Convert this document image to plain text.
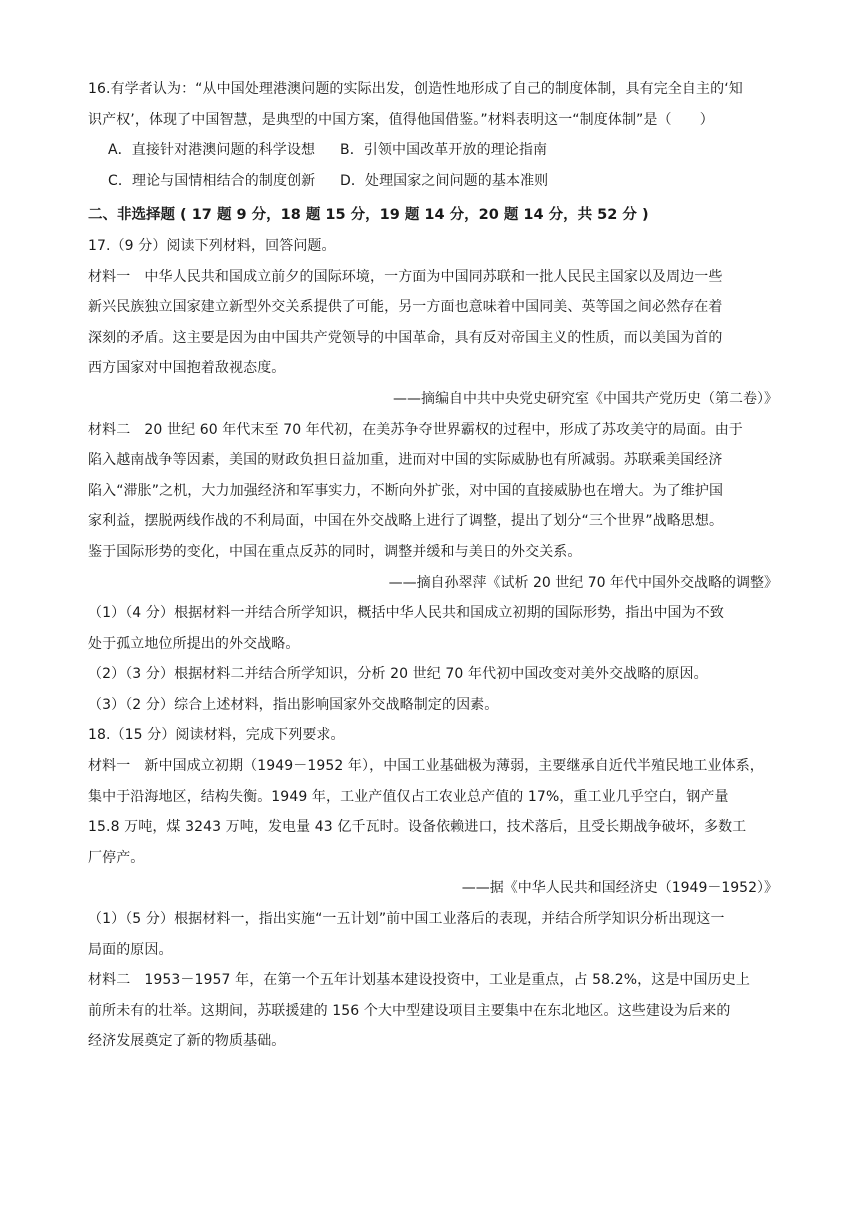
16.有学者认为：“从中国处理港澳问题的实际出发，创造性地形成了自己的制度体制，具有完全自主的‘知

识产权’，体现了中国智慧，是典型的中国方案，值得他国借鉴。”材料表明这一“制度体制”是（　　）

A．直接针对港澳问题的科学设想	B．引领中国改革开放的理论指南

C．理论与国情相结合的制度创新	D．处理国家之间问题的基本准则

二、非选择题 ( 17 题 9 分，18 题 15 分，19 题 14 分，20 题 14 分，共 52 分 )

17.（9 分）阅读下列材料，回答问题。

材料一　中华人民共和国成立前夕的国际环境，一方面为中国同苏联和一批人民民主国家以及周边一些

新兴民族独立国家建立新型外交关系提供了可能，另一方面也意味着中国同美、英等国之间必然存在着

深刻的矛盾。这主要是因为由中国共产党领导的中国革命，具有反对帝国主义的性质，而以美国为首的

西方国家对中国抱着敌视态度。

——摘编自中共中央党史研究室《中国共产党历史（第二卷）》

材料二　20 世纪 60 年代末至 70 年代初，在美苏争夺世界霸权的过程中，形成了苏攻美守的局面。由于

陷入越南战争等因素，美国的财政负担日益加重，进而对中国的实际威胁也有所减弱。苏联乘美国经济

陷入“滞胀”之机，大力加强经济和军事实力，不断向外扩张，对中国的直接威胁也在增大。为了维护国

家利益，摆脱两线作战的不利局面，中国在外交战略上进行了调整，提出了划分“三个世界”战略思想。

鉴于国际形势的变化，中国在重点反苏的同时，调整并缓和与美日的外交关系。

——摘自孙翠萍《试析 20 世纪 70 年代中国外交战略的调整》

（1）（4 分）根据材料一并结合所学知识，概括中华人民共和国成立初期的国际形势，指出中国为不致

处于孤立地位所提出的外交战略。

（2）（3 分）根据材料二并结合所学知识，分析 20 世纪 70 年代初中国改变对美外交战略的原因。

（3）（2 分）综合上述材料，指出影响国家外交战略制定的因素。

18.（15 分）阅读材料，完成下列要求。

材料一　新中国成立初期（1949－1952 年），中国工业基础极为薄弱，主要继承自近代半殖民地工业体系，

集中于沿海地区，结构失衡。1949 年，工业产值仅占工农业总产值的 17%，重工业几乎空白，钢产量

15.8 万吨，煤 3243 万吨，发电量 43 亿千瓦时。设备依赖进口，技术落后，且受长期战争破坏，多数工

厂停产。

——据《中华人民共和国经济史（1949－1952）》

（1）（5 分）根据材料一，指出实施“一五计划”前中国工业落后的表现，并结合所学知识分析出现这一

局面的原因。

材料二　1953－1957 年，在第一个五年计划基本建设投资中，工业是重点，占 58.2%，这是中国历史上

前所未有的壮举。这期间，苏联援建的 156 个大中型建设项目主要集中在东北地区。这些建设为后来的

经济发展奠定了新的物质基础。
